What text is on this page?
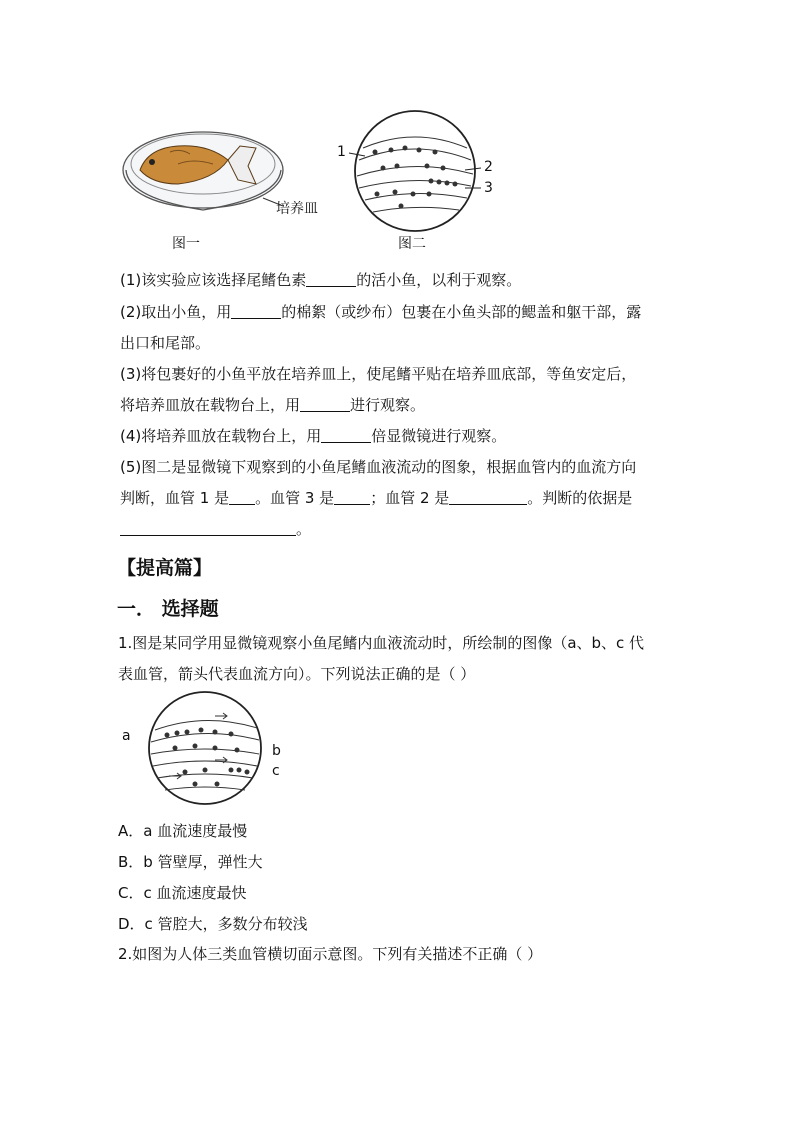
培养皿
图一
1
2
3
图二
(1)该实验应该选择尾鳍色素	的活小鱼，以利于观察。
(2)取出小鱼，用	的棉絮（或纱布）包裹在小鱼头部的鳃盖和躯干部，露
出口和尾部。
(3)将包裹好的小鱼平放在培养皿上，使尾鳍平贴在培养皿底部，等鱼安定后，
将培养皿放在载物台上，用	进行观察。
(4)将培养皿放在载物台上，用	倍显微镜进行观察。
(5)图二是显微镜下观察到的小鱼尾鳍血液流动的图象，根据血管内的血流方向
判断，血管 1 是 。血管 3 是 ；血管 2 是	。判断的依据是
。
【提高篇】
一． 选择题
1.图是某同学用显微镜观察小鱼尾鳍内血液流动时，所绘制的图像（a、b、c 代
表血管，箭头代表血流方向）。下列说法正确的是（ ）
a
b
c
A．a 血流速度最慢
B．b 管壁厚，弹性大
C．c 血流速度最快
D．c 管腔大，多数分布较浅
2.如图为人体三类血管横切面示意图。下列有关描述不正确（ ）
